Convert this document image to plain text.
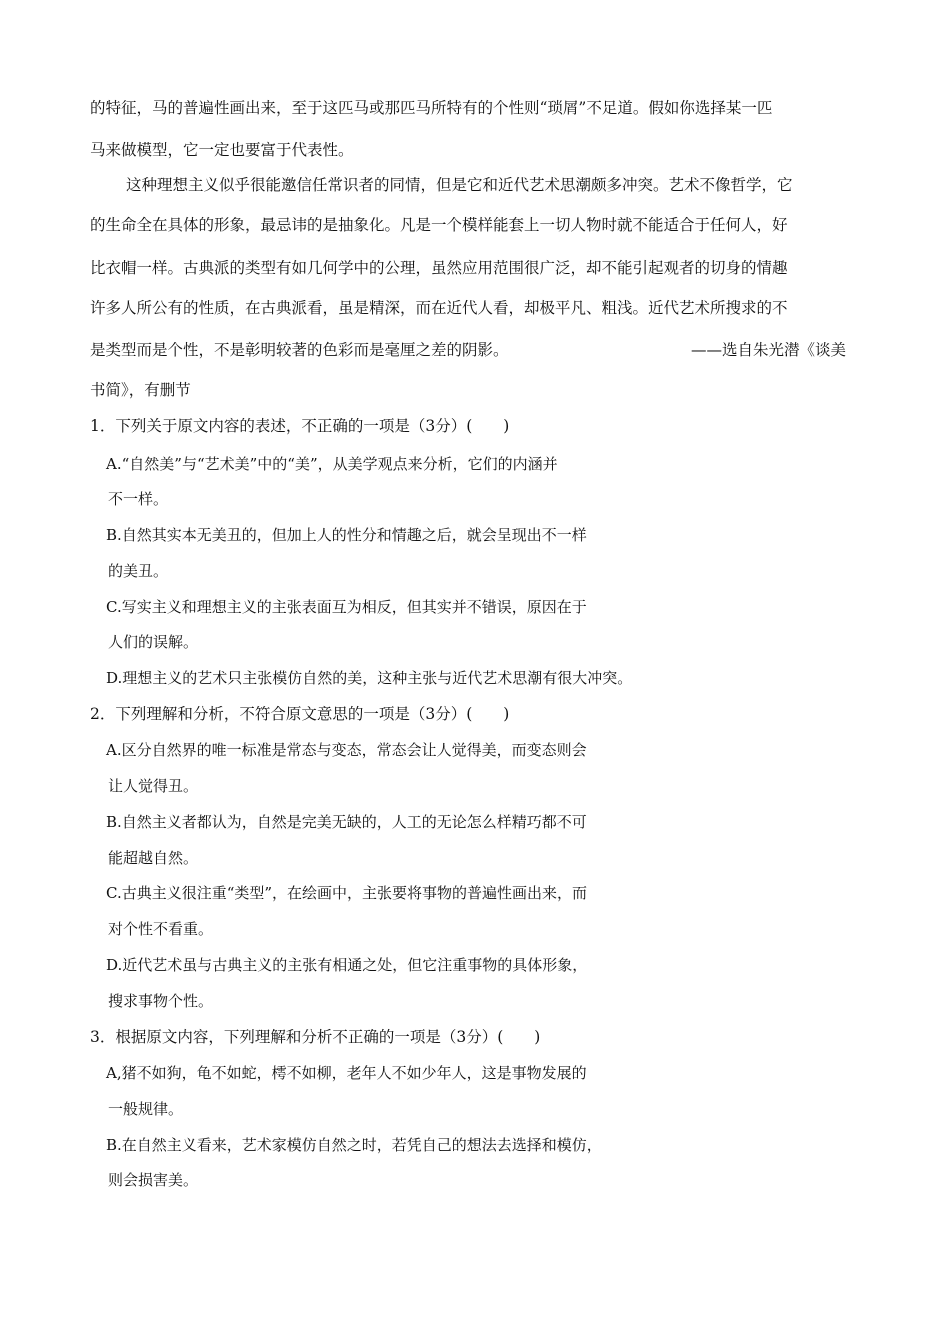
的特征，马的普遍性画出来，至于这匹马或那匹马所特有的个性则“琐屑”不足道。假如你选择某一匹
马来做模型，它一定也要富于代表性。
这种理想主义似乎很能邀信任常识者的同情，但是它和近代艺术思潮颇多冲突。艺术不像哲学，它
的生命全在具体的形象，最忌讳的是抽象化。凡是一个模样能套上一切人物时就不能适合于任何人，好
比衣帽一样。古典派的类型有如几何学中的公理，虽然应用范围很广泛，却不能引起观者的切身的情趣
许多人所公有的性质，在古典派看，虽是精深，而在近代人看，却极平凡、粗浅。近代艺术所搜求的不
是类型而是个性，不是彰明较著的色彩而是毫厘之差的阴影。	——选自朱光潜《谈美
书简》，有删节
1．下列关于原文内容的表述，不正确的一项是（3分）(　　)
A.“自然美”与“艺术美”中的“美”，从美学观点来分析，它们的内涵并
不一样。
B.自然其实本无美丑的，但加上人的性分和情趣之后，就会呈现出不一样
的美丑。
C.写实主义和理想主义的主张表面互为相反，但其实并不错误，原因在于
人们的误解。
D.理想主义的艺术只主张模仿自然的美，这种主张与近代艺术思潮有很大冲突。
2．下列理解和分析，不符合原文意思的一项是（3分）(　　)
A.区分自然界的唯一标准是常态与变态，常态会让人觉得美，而变态则会
让人觉得丑。
B.自然主义者都认为，自然是完美无缺的，人工的无论怎么样精巧都不可
能超越自然。
C.古典主义很注重“类型”，在绘画中，主张要将事物的普遍性画出来，而
对个性不看重。
D.近代艺术虽与古典主义的主张有相通之处，但它注重事物的具体形象，
搜求事物个性。
3．根据原文内容，下列理解和分析不正确的一项是（3分）(　　)
A,猪不如狗，龟不如蛇，樗不如柳，老年人不如少年人，这是事物发展的
一般规律。
B.在自然主义看来，艺术家模仿自然之时，若凭自己的想法去选择和模仿，
则会损害美。
